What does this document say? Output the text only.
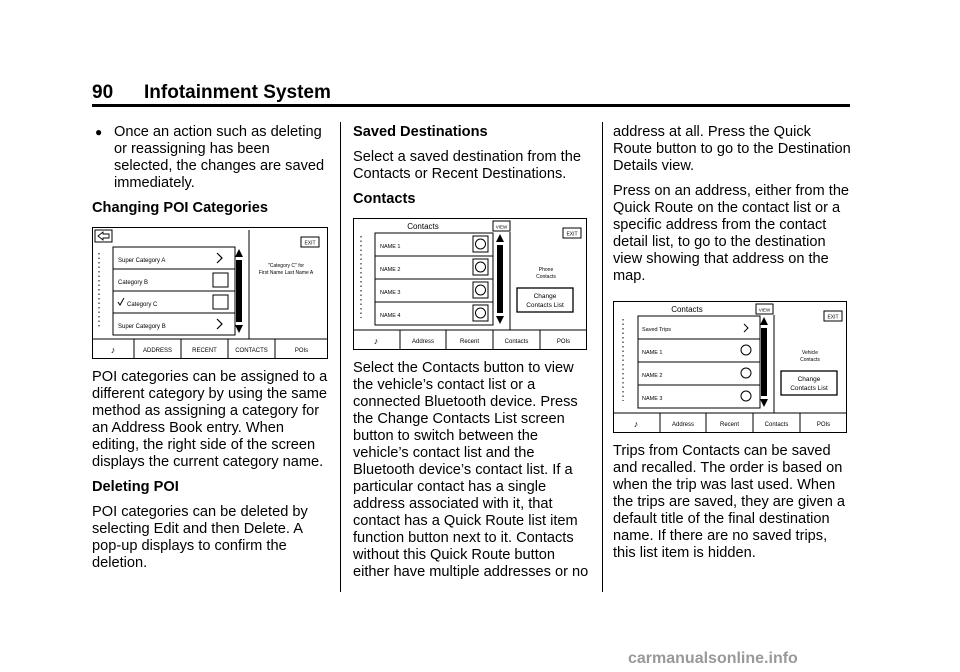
90 Infotainment System
● Once an action such as deleting or reassigning has been selected, the changes are saved immediately.
Changing POI Categories
Super Category A
Category B
Category C
Super Category B
EXIT
"Category C" for
First Name Last Name A
♪	ADDRESS	RECENT	CONTACTS	POIs

POI categories can be assigned to a different category by using the same method as assigning a category for an Address Book entry. When editing, the right side of the screen displays the current category name.

Deleting POI

POI categories can be deleted by selecting Edit and then Delete. A pop-up displays to confirm the deletion.

Saved Destinations

Select a saved destination from the Contacts or Recent Destinations.

Contacts
Contacts	VIEW
EXIT
NAME 1
NAME 2
NAME 3
NAME 4
Phone
Contacts
Change
Contacts List
♪	Address	Recent	Contacts	POIs

Select the Contacts button to view the vehicle’s contact list or a connected Bluetooth device. Press the Change Contacts List screen button to switch between the vehicle’s contact list and the Bluetooth device’s contact list. If a particular contact has a single address associated with it, that contact has a Quick Route list item function button next to it. Contacts without this Quick Route button either have multiple addresses or no

address at all. Press the Quick Route button to go to the Destination Details view.

Press on an address, either from the Quick Route on the contact list or a specific address from the contact detail list, to go to the destination view showing that address on the map.

Contacts	VIEW
EXIT
Saved Trips
NAME 1
NAME 2
NAME 3
Vehicle
Contacts
Change
Contacts List
♪	Address	Recent	Contacts	POIs

Trips from Contacts can be saved and recalled. The order is based on when the trip was last used. When the trips are saved, they are given a default title of the final destination name. If there are no saved trips, this list item is hidden.

carmanualsonline.info
